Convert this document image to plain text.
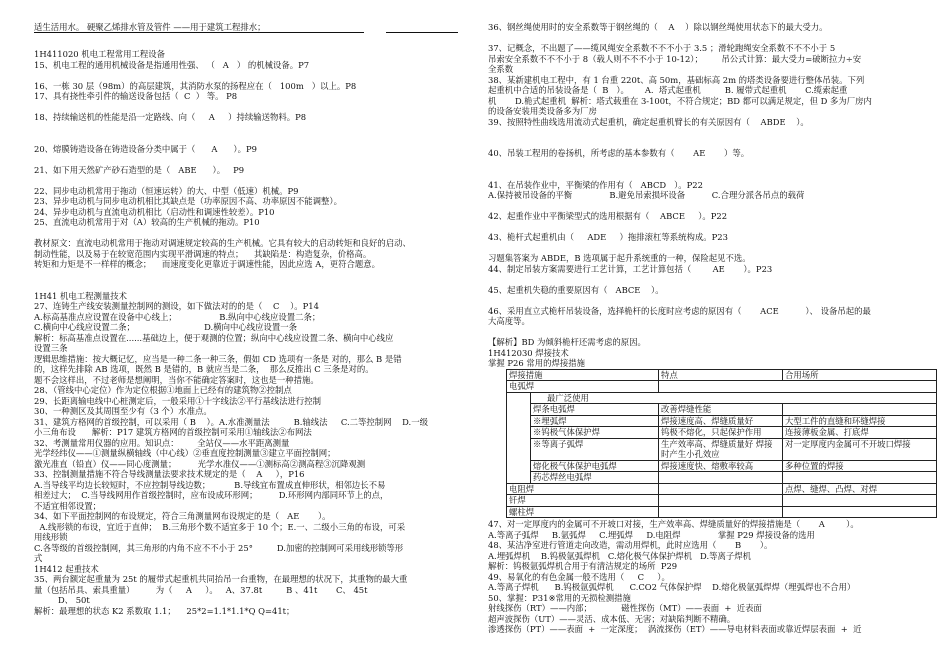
适生活用水。 硬聚乙烯排水管及管件 ——用于建筑工程排水；
1H411020 机电工程常用工程设备
15、机电工程的通用机械设备是指通用性强、 （   A   ） 的机械设备。P7
16、一栋 30 层（98m）的高层建筑，其消防水泵的扬程应在（   100m   ）以上。P8
17、具有挠性牵引件的输送设备包括（  C  ） 等。 P8
18、持续输送机的性能是沿一定路线、向（     A     ）持续输送物料。P8
20、熔膜铸造设备在铸造设备分类中属于（      A      ）。P9
21、如下用天然矿产砂石造型的是（   ABE      ）。   P9
22、同步电动机常用于拖动（恒速运转）的大、中型（低速）机械。P9
23、异步电动机与同步电动机相比其缺点是（功率原因不高、功率原因不能调整）。
24、异步电动机与直流电动机相比（启动性和调速性较差）。P10
25、直流电动机常用于对（A）较高的生产机械的拖动。P10
教材原文：直流电动机常用于拖动对调速规定较高的生产机械。它具有较大的启动转矩和良好的启动、
制动性能，以及易于在较宽范围内实现平滑调速的特点；    其缺陷是：构造复杂，价格高。
转矩和力矩是不一样样的概念；    而速度变化更靠近于调速性能，因此应选 A，更符合题意。
1H41 机电工程测量技术
27、连铸生产线安装测量控制网的测设，如下做法对的的是（    C    ）。P14
A.标高基准点应设置在设备中心线上；                B.纵向中心线应设置二条；
C.横向中心线应设置二条；                          D.横向中心线应设置一条
解析：标高基准点设置在......基础边上，便于观测的位置；纵向中心线应设置二条、横向中心线应
设置三条
逻辑思维措施：按大概记忆，应当是一种二条一种三条，假如 CD 选项有一条是 对的，那么 B 是错
的，这样先排除 AB 选项，既然 B 是错的，B 就应当是二条，  那么反推出 C 三条是对的。
题不会这样出，不过老师是想阐明，当你不能确定答案时，这也是一种措施。
28、（管线中心定位）作为定位根据①地面上已经有的建筑物②控制点
29、长距离输电线中心桩测定后，一般采用①十字线法②平行基线法进行控制
30、一种测区及其周围至少有（3 个）水准点。
31、建筑方格网的首级控制，可以采用（ B    ）。A.水准测量法         B.轴线法     C.二等控制网    D.一级
小三角布设      解析：P17 建筑方格网的首级控制可采用①轴线法②布网法
32、考测量常用仪器的应用。知识点：       全站仪——水平距离测量
光学经纬仪——①测量纵横轴线（中心线）②垂直度控制测量③建立平面控制网；
激光准直（铅直）仪——同心度测量；        光学水准仪——①测标高②测高程③沉降观测
33、控制测量措施不符合导线测量法要求技术规定的是（    A     ），P16
A.当导线平均边长较短时，不应控制导线边数；         B.导线宜布置成直伸形状，相邻边长不易
相差过大；  C.当导线网用作首级控制时，应布设成环形网；        D.环形网内部同环节上的点，
不适宜相邻设置；
34、如下平面控制网的布设规定，符合三角测量网布设规定的是（   AE       ）。
A.线形锁的布设，宜近于直伸；  B.三角形个数不适宜多于 10 个；E.一、二级小三角的布设，可采
用线形锁
C.各等级的首级控制网，其三角形的内角不应不不小于 25°         D.加密的控制网可采用线形锁等形
式
1H412 起重技术
35、两台额定起重量为 25t 的履带式起重机共同抬吊一台重物，在最理想的状况下，其重物的最大重
量（包括吊具、索具重量）        为（     A     ）。   A、37.8t         B 、41t       C、 45t
D、 50t
解析：最理想的状态 K2 系数取 1.1；    25*2=1.1*1.1*Q Q=41t；
36、钢丝绳使用时的安全系数等于钢丝绳的（    A    ）除以钢丝绳使用状态下的最大受力。
37、记概念，不出题了——缆风绳安全系数不不不小于 3.5 ；滑轮跑绳安全系数不不不小于 5
吊索安全系数不不不小于 8（载人则不不不小于 10-12）；       吊公式计算：最大受力=破断拉力÷安
全系数
38、某新建机电工程中，有 1 台重 220t、高 50m，基础标高 2m 的塔类设备要进行整体吊装。下列
起重机中合适的吊装设备是（  B   ）。      A.  塔式起重机         B. 履带式起重机       C.缆索起重
机       D.桅式起重机  解析：塔式载重在 3-100t，不符合规定；BD 都可以满足规定，但 D 多为厂房内
的设备安装用类设备多为厂房
39、按照特性曲线选用流动式起重机，确定起重机臂长的有关原因有（    ABDE    ）。
40、吊装工程用的卷扬机，所考虑的基本参数有（       AE       ）等。
41、在吊装作业中，平衡梁的作用有（   ABCD   ）。P22
A.保持被吊设备的平衡              B.避免吊索损坏设备          C.合理分派各吊点的载荷
42、起重作业中平衡梁型式的选用根据有（    ABCE     ）。P22
43、桅杆式起重机由（     ADE     ）拖排滚杠等系统构成。P23
习题集答案为 ABDE，B 选项属于起升系统重的一种，保险起见不选。
44、制定吊装方案需要进行工艺计算，工艺计算包括（        AE       ）。P23
45、起重机失稳的重要原因有（   ABCE    ）。
46、采用直立式桅杆吊装设备，选择桅杆的长度时应考虑的原因有（       ACE          ）、 设备吊起的最
大高度等。
【解析】BD 为倾斜桅杆还需考虑的原因。
1H412030 焊接技术
掌握 P26 常用的焊接措施
焊接措施		特点	合用场所
电弧焊			
	最广泛使用		
	焊条电弧焊	改善焊缝性能	
	※埋弧焊	焊接速度高、焊缝质量好	大型工件的直缝和环缝焊接
	※钨极气体保护焊	钨极不熔化，只起保护作用	连接薄板金属、打底焊
	※等离子弧焊	生产效率高、焊缝质量好 焊接时产生小孔效应	对一定厚度内金属可不开坡口焊接
	熔化极气体保护电弧焊	焊接速度快、熔敷率较高	多种位置的焊接
	药芯焊丝电弧焊		
电阻焊			点焊、缝焊、凸焊、对焊
钎焊			
螺柱焊			
47、对一定厚度内的金属可不开坡口对接，生产效率高、焊缝质量好的焊接措施是（       A        ）。
A.等离子弧焊     B.氩弧焊     C.埋弧焊     D.电阻焊              掌握 P29 焊接设备的选用
48、某洁净室进行管道走向改造，需动用焊机，此时应选用（       B       ）。
A.埋弧焊机    B.钨极氩弧焊机   C.熔化极气体保护焊机   D.等离子焊机
解析：钨极氩弧焊机合用于有清洁规定的场所  P29
49、易氧化的有色金属一般不选用（     C     ）。
A.等离子焊机      B.钨极氩弧焊机      C.CO2 气体保护焊    D.熔化极氩弧焊焊（埋弧焊也不合用）
50、掌握：P31※常用的无损检测措施
射线探伤（RT）——内部；           磁性探伤（MT）——表面  +  近表面
超声波探伤（UT）——灵活、成本低、无害；对缺陷判断不精确。
渗透探伤（PT）——表面  +  一定深度；  涡流探伤（ET）——导电材料表面或靠近焊层表面  +  近
